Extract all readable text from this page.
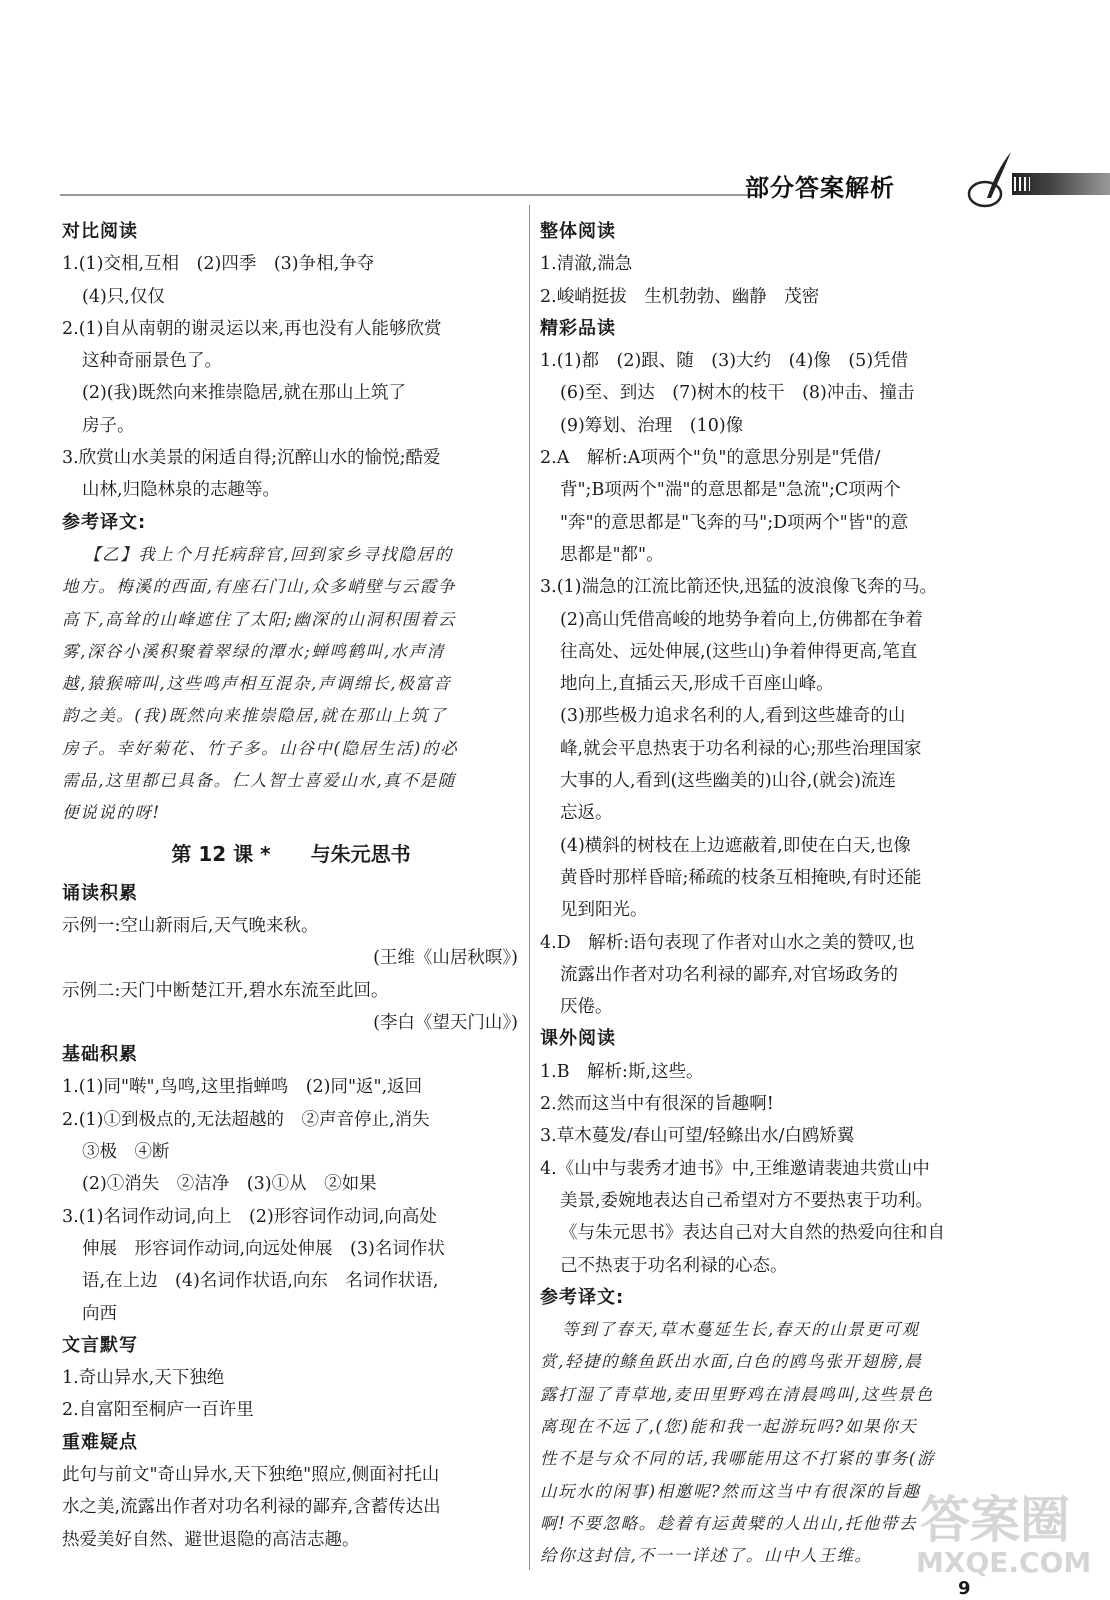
部分答案解析
对比阅读
1.(1)交相,互相　(2)四季　(3)争相,争夺
(4)只,仅仅
2.(1)自从南朝的谢灵运以来,再也没有人能够欣赏
这种奇丽景色了。
(2)(我)既然向来推崇隐居,就在那山上筑了
房子。
3.欣赏山水美景的闲适自得;沉醉山水的愉悦;酷爱
山林,归隐林泉的志趣等。
参考译文:
【乙】我上个月托病辞官,回到家乡寻找隐居的
地方。梅溪的西面,有座石门山,众多峭壁与云霞争
高下,高耸的山峰遮住了太阳;幽深的山洞积围着云
雾,深谷小溪积聚着翠绿的潭水;蝉鸣鹤叫,水声清
越,猿猴啼叫,这些鸣声相互混杂,声调绵长,极富音
韵之美。(我)既然向来推崇隐居,就在那山上筑了
房子。幸好菊花、竹子多。山谷中(隐居生活)的必
需品,这里都已具备。仁人智士喜爱山水,真不是随
便说说的呀!
第 12 课 * 与朱元思书
诵读积累
示例一:空山新雨后,天气晚来秋。
(王维《山居秋暝》)
示例二:天门中断楚江开,碧水东流至此回。
(李白《望天门山》)
基础积累
1.(1)同"啭",鸟鸣,这里指蝉鸣　(2)同"返",返回
2.(1)①到极点的,无法超越的　②声音停止,消失
③极　④断
(2)①消失　②洁净　(3)①从　②如果
3.(1)名词作动词,向上　(2)形容词作动词,向高处
伸展　形容词作动词,向远处伸展　(3)名词作状
语,在上边　(4)名词作状语,向东　名词作状语,
向西
文言默写
1.奇山异水,天下独绝
2.自富阳至桐庐一百许里
重难疑点
此句与前文"奇山异水,天下独绝"照应,侧面衬托山
水之美,流露出作者对功名利禄的鄙弃,含蓄传达出
热爱美好自然、避世退隐的高洁志趣。
整体阅读
1.清澈,湍急
2.峻峭挺拔　生机勃勃、幽静　茂密
精彩品读
1.(1)都　(2)跟、随　(3)大约　(4)像　(5)凭借
(6)至、到达　(7)树木的枝干　(8)冲击、撞击
(9)筹划、治理　(10)像
2.A　解析:A项两个"负"的意思分别是"凭借/
背";B项两个"湍"的意思都是"急流";C项两个
"奔"的意思都是"飞奔的马";D项两个"皆"的意
思都是"都"。
3.(1)湍急的江流比箭还快,迅猛的波浪像飞奔的马。
(2)高山凭借高峻的地势争着向上,仿佛都在争着
往高处、远处伸展,(这些山)争着伸得更高,笔直
地向上,直插云天,形成千百座山峰。
(3)那些极力追求名利的人,看到这些雄奇的山
峰,就会平息热衷于功名利禄的心;那些治理国家
大事的人,看到(这些幽美的)山谷,(就会)流连
忘返。
(4)横斜的树枝在上边遮蔽着,即使在白天,也像
黄昏时那样昏暗;稀疏的枝条互相掩映,有时还能
见到阳光。
4.D　解析:语句表现了作者对山水之美的赞叹,也
流露出作者对功名利禄的鄙弃,对官场政务的
厌倦。
课外阅读
1.B　解析:斯,这些。
2.然而这当中有很深的旨趣啊!
3.草木蔓发/春山可望/轻鲦出水/白鸥矫翼
4.《山中与裴秀才迪书》中,王维邀请裴迪共赏山中
美景,委婉地表达自己希望对方不要热衷于功利。
《与朱元思书》表达自己对大自然的热爱向往和自
己不热衷于功名利禄的心态。
参考译文:
等到了春天,草木蔓延生长,春天的山景更可观
赏,轻捷的鲦鱼跃出水面,白色的鸥鸟张开翅膀,晨
露打湿了青草地,麦田里野鸡在清晨鸣叫,这些景色
离现在不远了,(您)能和我一起游玩吗?如果你天
性不是与众不同的话,我哪能用这不打紧的事务(游
山玩水的闲事)相邀呢?然而这当中有很深的旨趣
啊!不要忽略。趁着有运黄檗的人出山,托他带去
给你这封信,不一一详述了。山中人王维。
答案圈
MXQE.COM
9
